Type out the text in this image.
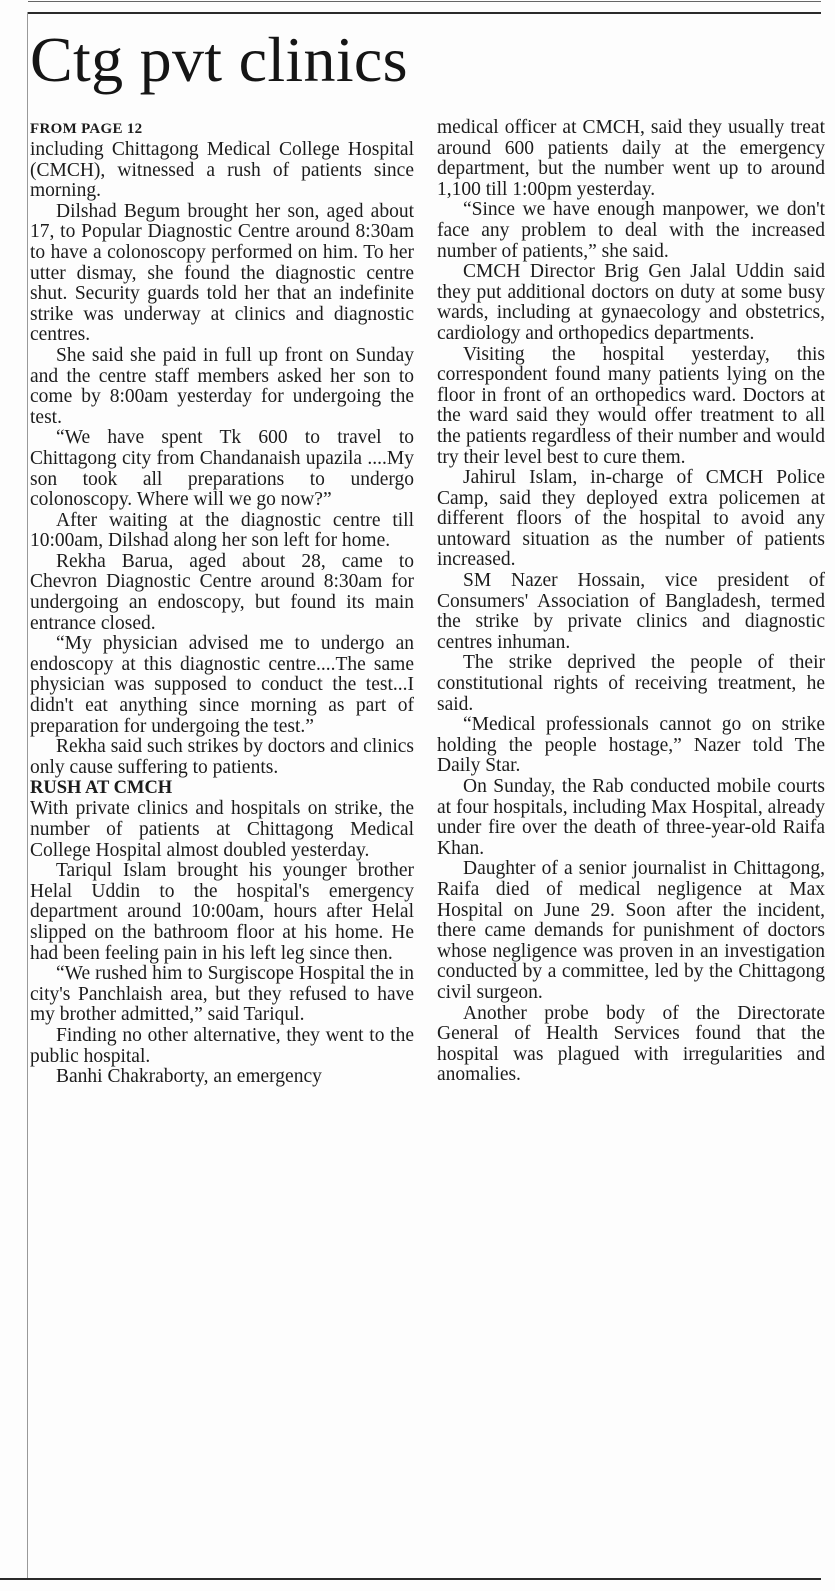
Ctg pvt clinics
FROM PAGE 12

including Chittagong Medical College Hospital (CMCH), witnessed a rush of patients since morning.

Dilshad Begum brought her son, aged about 17, to Popular Diagnostic Centre around 8:30am to have a colonoscopy performed on him. To her utter dismay, she found the diagnostic centre shut. Security guards told her that an indefinite strike was underway at clinics and diagnostic centres.

She said she paid in full up front on Sunday and the centre staff members asked her son to come by 8:00am yesterday for undergoing the test.

“We have spent Tk 600 to travel to Chittagong city from Chandanaish upazila ....My son took all preparations to undergo colonoscopy. Where will we go now?”

After waiting at the diagnostic centre till 10:00am, Dilshad along her son left for home.

Rekha Barua, aged about 28, came to Chevron Diagnostic Centre around 8:30am for undergoing an endoscopy, but found its main entrance closed.

“My physician advised me to undergo an endoscopy at this diagnostic centre....The same physician was supposed to conduct the test...I didn't eat anything since morning as part of preparation for undergoing the test.”

Rekha said such strikes by doctors and clinics only cause suffering to patients.

RUSH AT CMCH

With private clinics and hospitals on strike, the number of patients at Chittagong Medical College Hospital almost doubled yesterday.

Tariqul Islam brought his younger brother Helal Uddin to the hospital's emergency department around 10:00am, hours after Helal slipped on the bathroom floor at his home. He had been feeling pain in his left leg since then.

“We rushed him to Surgiscope Hospital the in city's Panchlaish area, but they refused to have my brother admitted,” said Tariqul.

Finding no other alternative, they went to the public hospital.

Banhi Chakraborty, an emergency

medical officer at CMCH, said they usually treat around 600 patients daily at the emergency department, but the number went up to around 1,100 till 1:00pm yesterday.

“Since we have enough manpower, we don't face any problem to deal with the increased number of patients,” she said.

CMCH Director Brig Gen Jalal Uddin said they put additional doctors on duty at some busy wards, including at gynaecology and obstetrics, cardiology and orthopedics departments.

Visiting the hospital yesterday, this correspondent found many patients lying on the floor in front of an orthopedics ward. Doctors at the ward said they would offer treatment to all the patients regardless of their number and would try their level best to cure them.

Jahirul Islam, in-charge of CMCH Police Camp, said they deployed extra policemen at different floors of the hospital to avoid any untoward situation as the number of patients increased.

SM Nazer Hossain, vice president of Consumers' Association of Bangladesh, termed the strike by private clinics and diagnostic centres inhuman.

The strike deprived the people of their constitutional rights of receiving treatment, he said.

“Medical professionals cannot go on strike holding the people hostage,” Nazer told The Daily Star.

On Sunday, the Rab conducted mobile courts at four hospitals, including Max Hospital, already under fire over the death of three-year-old Raifa Khan.

Daughter of a senior journalist in Chittagong, Raifa died of medical negligence at Max Hospital on June 29. Soon after the incident, there came demands for punishment of doctors whose negligence was proven in an investigation conducted by a committee, led by the Chittagong civil surgeon.

Another probe body of the Directorate General of Health Services found that the hospital was plagued with irregularities and anomalies.
